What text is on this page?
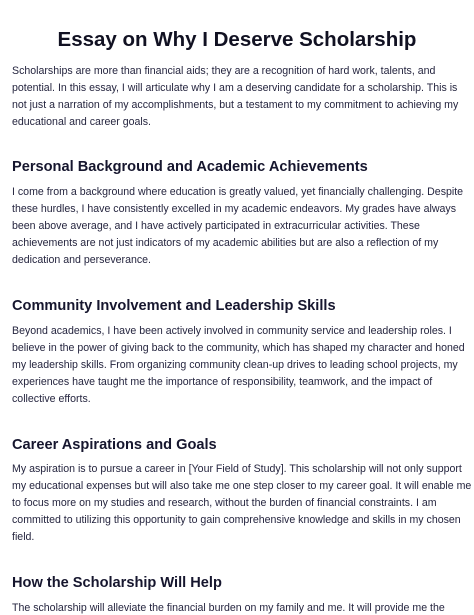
Essay on Why I Deserve Scholarship

Scholarships are more than financial aids; they are a recognition of hard work, talents, and
potential. In this essay, I will articulate why I am a deserving candidate for a scholarship. This is
not just a narration of my accomplishments, but a testament to my commitment to achieving my
educational and career goals.

Personal Background and Academic Achievements

I come from a background where education is greatly valued, yet financially challenging. Despite
these hurdles, I have consistently excelled in my academic endeavors. My grades have always
been above average, and I have actively participated in extracurricular activities. These
achievements are not just indicators of my academic abilities but are also a reflection of my
dedication and perseverance.

Community Involvement and Leadership Skills

Beyond academics, I have been actively involved in community service and leadership roles. I
believe in the power of giving back to the community, which has shaped my character and honed
my leadership skills. From organizing community clean-up drives to leading school projects, my
experiences have taught me the importance of responsibility, teamwork, and the impact of
collective efforts.

Career Aspirations and Goals

My aspiration is to pursue a career in [Your Field of Study]. This scholarship will not only support
my educational expenses but will also take me one step closer to my career goal. It will enable me
to focus more on my studies and research, without the burden of financial constraints. I am
committed to utilizing this opportunity to gain comprehensive knowledge and skills in my chosen
field.

How the Scholarship Will Help

The scholarship will alleviate the financial burden on my family and me. It will provide me the
